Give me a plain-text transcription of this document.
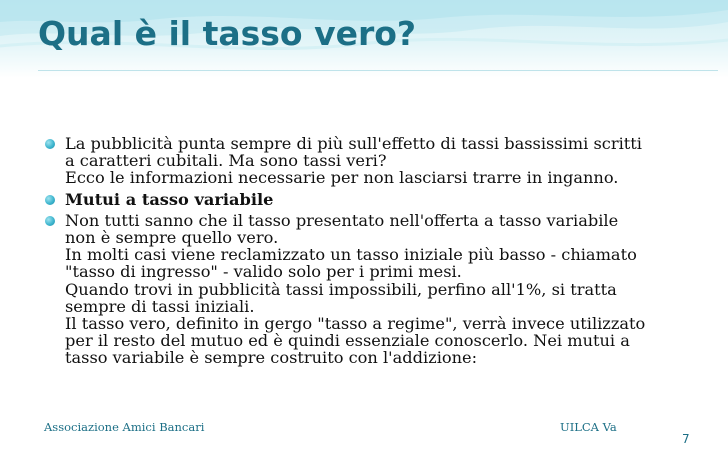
Qual è il tasso vero?
La pubblicità punta sempre di più sull'effetto di tassi bassissimi scritti
a caratteri cubitali. Ma sono tassi veri?
Ecco le informazioni necessarie per non lasciarsi trarre in inganno.
Mutui a tasso variabile
Non tutti sanno che il tasso presentato nell'offerta a tasso variabile
non è sempre quello vero.
In molti casi viene reclamizzato un tasso iniziale più basso - chiamato
"tasso di ingresso" - valido solo per i primi mesi.
Quando trovi in pubblicità tassi impossibili, perfino all'1%, si tratta
sempre di tassi iniziali.
Il tasso vero, definito in gergo "tasso a regime", verrà invece utilizzato
per il resto del mutuo ed è quindi essenziale conoscerlo. Nei mutui a
tasso variabile è sempre costruito con l'addizione:
Associazione Amici Bancari	UILCA Va
7
